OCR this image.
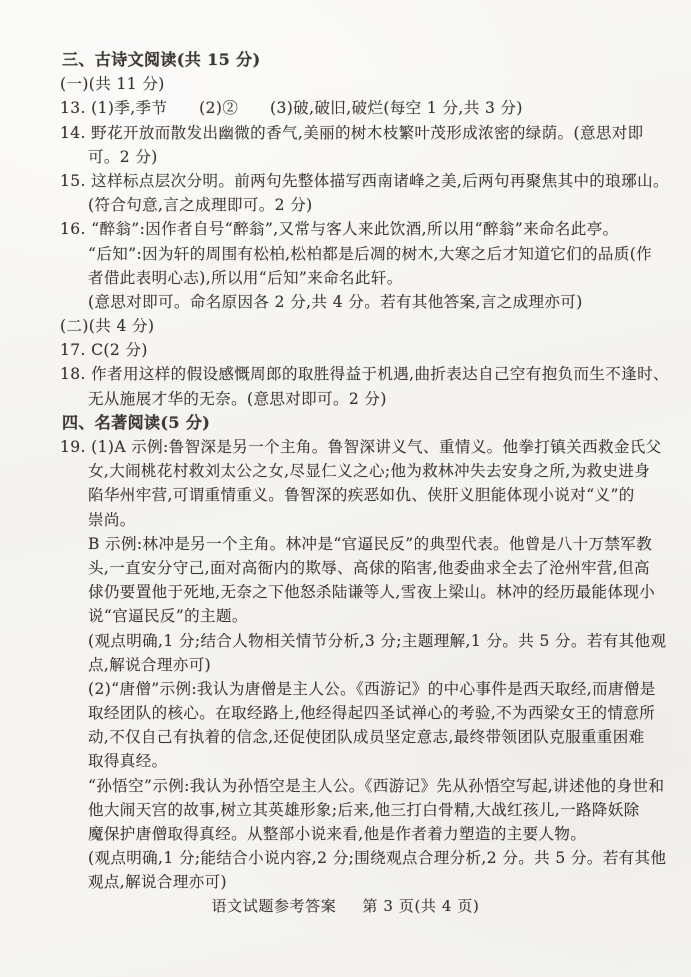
三、古诗文阅读(共 15 分)
(一)(共 11 分)
13. (1)季,季节　　(2)②　　(3)破,破旧,破烂(每空 1 分,共 3 分)
14. 野花开放而散发出幽微的香气,美丽的树木枝繁叶茂形成浓密的绿荫。(意思对即
可。2 分)
15. 这样标点层次分明。前两句先整体描写西南诸峰之美,后两句再聚焦其中的琅琊山。
(符合句意,言之成理即可。2 分)
16. “醉翁”:因作者自号“醉翁”,又常与客人来此饮酒,所以用“醉翁”来命名此亭。
“后知”:因为轩的周围有松柏,松柏都是后凋的树木,大寒之后才知道它们的品质(作
者借此表明心志),所以用“后知”来命名此轩。
(意思对即可。命名原因各 2 分,共 4 分。若有其他答案,言之成理亦可)
(二)(共 4 分)
17. C(2 分)
18. 作者用这样的假设感慨周郎的取胜得益于机遇,曲折表达自己空有抱负而生不逢时、
无从施展才华的无奈。(意思对即可。2 分)
四、名著阅读(5 分)
19. (1)A 示例:鲁智深是另一个主角。鲁智深讲义气、重情义。他拳打镇关西救金氏父
女,大闹桃花村救刘太公之女,尽显仁义之心;他为救林冲失去安身之所,为救史进身
陷华州牢营,可谓重情重义。鲁智深的疾恶如仇、侠肝义胆能体现小说对“义”的
崇尚。
B 示例:林冲是另一个主角。林冲是“官逼民反”的典型代表。他曾是八十万禁军教
头,一直安分守己,面对高衙内的欺辱、高俅的陷害,他委曲求全去了沧州牢营,但高
俅仍要置他于死地,无奈之下他怒杀陆谦等人,雪夜上梁山。林冲的经历最能体现小
说“官逼民反”的主题。
(观点明确,1 分;结合人物相关情节分析,3 分;主题理解,1 分。共 5 分。若有其他观
点,解说合理亦可)
(2)“唐僧”示例:我认为唐僧是主人公。《西游记》的中心事件是西天取经,而唐僧是
取经团队的核心。在取经路上,他经得起四圣试禅心的考验,不为西梁女王的情意所
动,不仅自己有执着的信念,还促使团队成员坚定意志,最终带领团队克服重重困难
取得真经。
“孙悟空”示例:我认为孙悟空是主人公。《西游记》先从孙悟空写起,讲述他的身世和
他大闹天宫的故事,树立其英雄形象;后来,他三打白骨精,大战红孩儿,一路降妖除
魔保护唐僧取得真经。从整部小说来看,他是作者着力塑造的主要人物。
(观点明确,1 分;能结合小说内容,2 分;围绕观点合理分析,2 分。共 5 分。若有其他
观点,解说合理亦可)
语文试题参考答案 第 3 页(共 4 页)
